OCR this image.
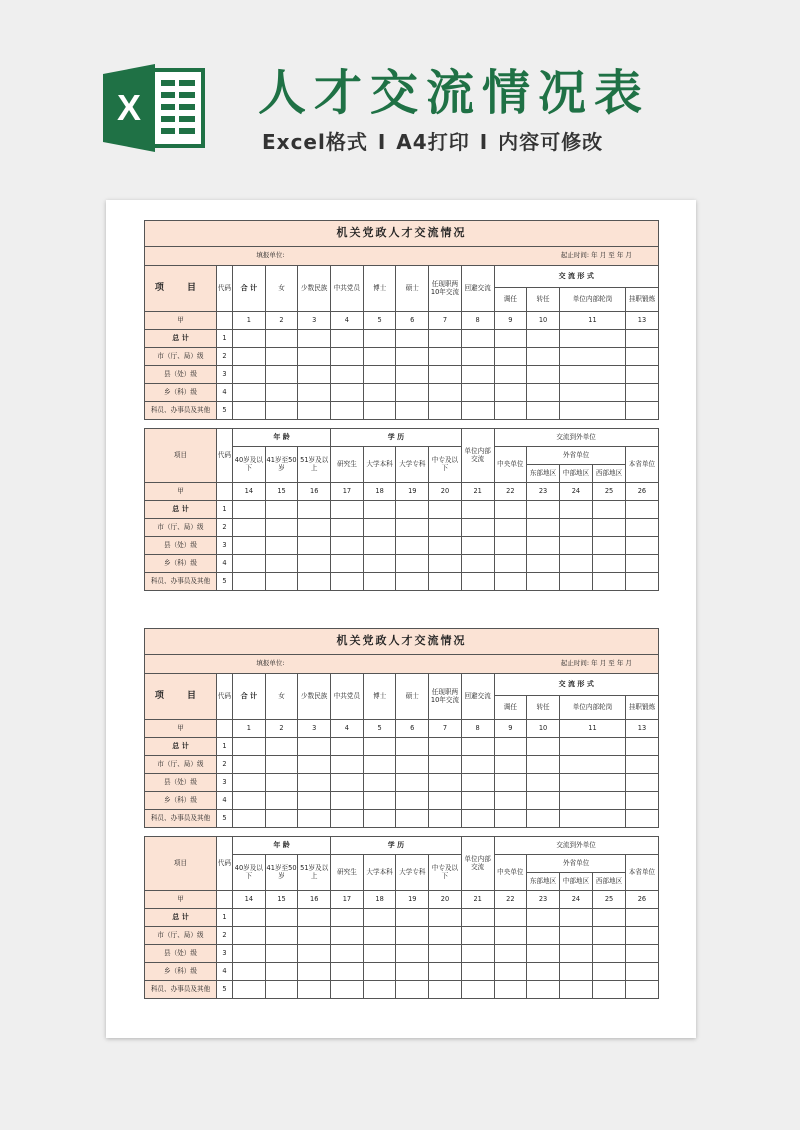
X 人才交流情况表
Excel格式 I A4打印 I 内容可修改
机关党政人才交流情况													
填报单位:							起止时间: 年 月 至 年 月						
项 目	代码	合 计	女	少数民族	中共党员	博士	硕士	任现职两10年交流	回避交流	交 流 形 式			
										调任	转任	单位内部轮岗	挂职锻炼
甲		1	2	3	4	5	6	7	8	9	10	11	13
总 计	1												
市（厅、局）级	2												
县（处）级	3												
乡（科）级	4												
科员、办事员及其他	5												
项目	代码	年 龄			学 历				单位内部交流	交流到外单位				
		40岁及以下	41岁至50岁	51岁及以上	研究生	大学本科	大学专科	中专及以下		中央单位	外省单位			本省单位
											东部地区	中部地区	西部地区	
甲		14	15	16	17	18	19	20	21	22	23	24	25	26
总 计	1													
市（厅、局）级	2													
县（处）级	3													
乡（科）级	4													
科员、办事员及其他	5													
机关党政人才交流情况													
填报单位:							起止时间: 年 月 至 年 月						
项 目	代码	合 计	女	少数民族	中共党员	博士	硕士	任现职两10年交流	回避交流	交 流 形 式			
										调任	转任	单位内部轮岗	挂职锻炼
甲		1	2	3	4	5	6	7	8	9	10	11	13
总 计	1												
市（厅、局）级	2												
县（处）级	3												
乡（科）级	4												
科员、办事员及其他	5												
项目	代码	年 龄			学 历				单位内部交流	交流到外单位				
		40岁及以下	41岁至50岁	51岁及以上	研究生	大学本科	大学专科	中专及以下		中央单位	外省单位			本省单位
											东部地区	中部地区	西部地区	
甲		14	15	16	17	18	19	20	21	22	23	24	25	26
总 计	1													
市（厅、局）级	2													
县（处）级	3													
乡（科）级	4													
科员、办事员及其他	5													
